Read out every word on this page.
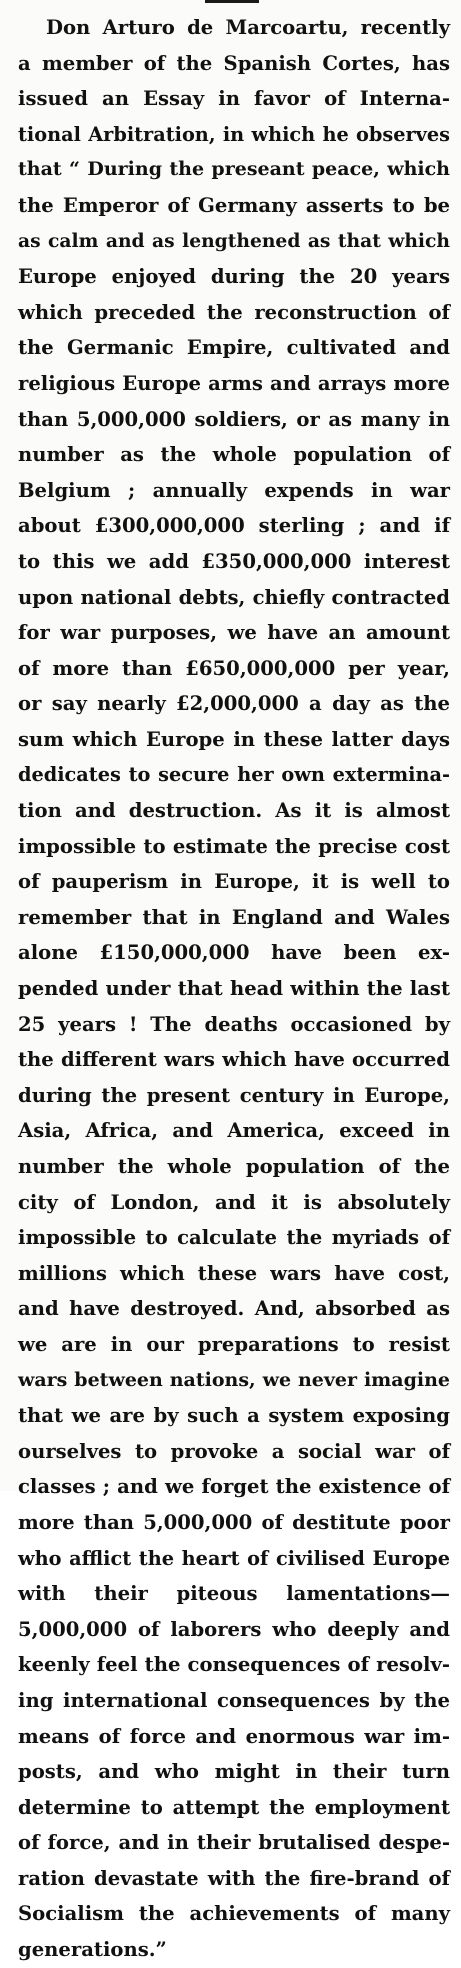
Don Arturo de Marcoartu, recently
a member of the Spanish Cortes, has
issued an Essay in favor of Interna-
tional Arbitration, in which he observes
that “ During the preseant peace, which
the Emperor of Germany asserts to be
as calm and as lengthened as that which
Europe enjoyed during the 20 years
which preceded the reconstruction of
the Germanic Empire, cultivated and
religious Europe arms and arrays more
than 5,000,000 soldiers, or as many in
number as the whole population of
Belgium ; annually expends in war
about £300,000,000 sterling ; and if
to this we add £350,000,000 interest
upon national debts, chiefly contracted
for war purposes, we have an amount
of more than £650,000,000 per year,
or say nearly £2,000,000 a day as the
sum which Europe in these latter days
dedicates to secure her own extermina-
tion and destruction. As it is almost
impossible to estimate the precise cost
of pauperism in Europe, it is well to
remember that in England and Wales
alone £150,000,000 have been ex-
pended under that head within the last
25 years ! The deaths occasioned by
the different wars which have occurred
during the present century in Europe,
Asia, Africa, and America, exceed in
number the whole population of the
city of London, and it is absolutely
impossible to calculate the myriads of
millions which these wars have cost,
and have destroyed. And, absorbed as
we are in our preparations to resist
wars between nations, we never imagine
that we are by such a system exposing
ourselves to provoke a social war of
classes ; and we forget the existence of
more than 5,000,000 of destitute poor
who afflict the heart of civilised Europe
with their piteous lamentations—
5,000,000 of laborers who deeply and
keenly feel the consequences of resolv-
ing international consequences by the
means of force and enormous war im-
posts, and who might in their turn
determine to attempt the employment
of force, and in their brutalised despe-
ration devastate with the fire-brand of
Socialism the achievements of many
generations.”
